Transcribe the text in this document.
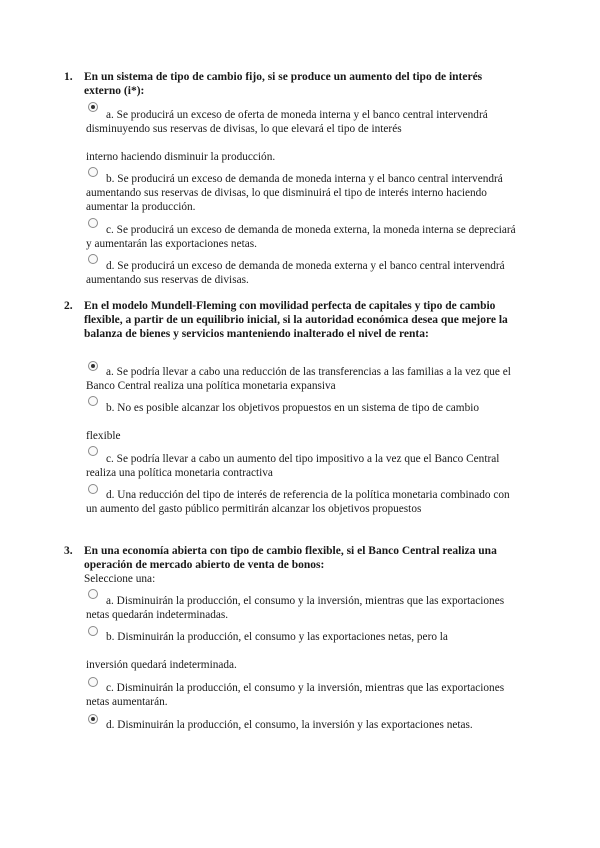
1. En un sistema de tipo de cambio fijo, si se produce un aumento del tipo de interés externo (i*):
a. Se producirá un exceso de oferta de moneda interna y el banco central intervendrá disminuyendo sus reservas de divisas, lo que elevará el tipo de interés
interno haciendo disminuir la producción.
b. Se producirá un exceso de demanda de moneda interna y el banco central intervendrá aumentando sus reservas de divisas, lo que disminuirá el tipo de interés interno haciendo aumentar la producción.
c. Se producirá un exceso de demanda de moneda externa, la moneda interna se depreciará y aumentarán las exportaciones netas.
d. Se producirá un exceso de demanda de moneda externa y el banco central intervendrá aumentando sus reservas de divisas.
2. En el modelo Mundell-Fleming con movilidad perfecta de capitales y tipo de cambio flexible, a partir de un equilibrio inicial, si la autoridad económica desea que mejore la balanza de bienes y servicios manteniendo inalterado el nivel de renta:
a. Se podría llevar a cabo una reducción de las transferencias a las familias a la vez que el Banco Central realiza una política monetaria expansiva
b. No es posible alcanzar los objetivos propuestos en un sistema de tipo de cambio
flexible
c. Se podría llevar a cabo un aumento del tipo impositivo a la vez que el Banco Central realiza una política monetaria contractiva
d. Una reducción del tipo de interés de referencia de la política monetaria combinado con un aumento del gasto público permitirán alcanzar los objetivos propuestos
3. En una economía abierta con tipo de cambio flexible, si el Banco Central realiza una operación de mercado abierto de venta de bonos:
Seleccione una:
a. Disminuirán la producción, el consumo y la inversión, mientras que las exportaciones netas quedarán indeterminadas.
b. Disminuirán la producción, el consumo y las exportaciones netas, pero la
inversión quedará indeterminada.
c. Disminuirán la producción, el consumo y la inversión, mientras que las exportaciones netas aumentarán.
d. Disminuirán la producción, el consumo, la inversión y las exportaciones netas.
